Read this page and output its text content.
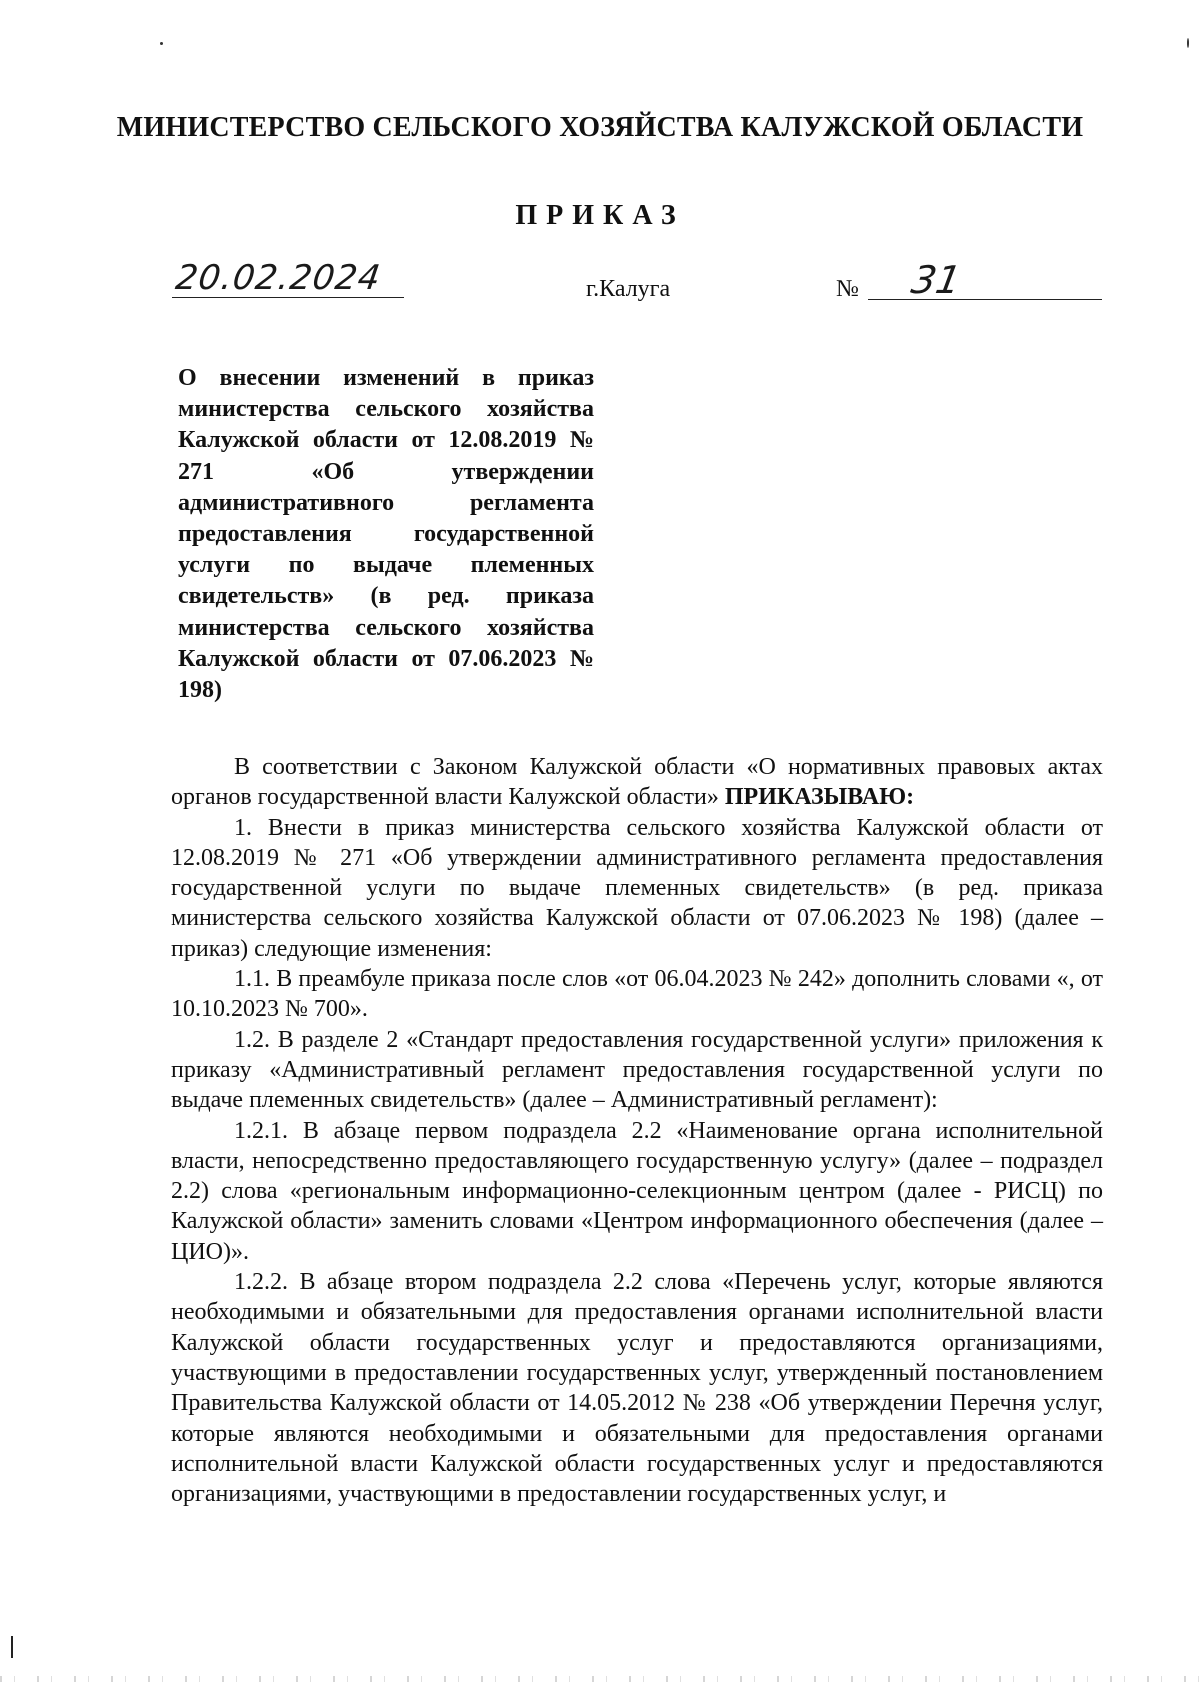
МИНИСТЕРСТВО СЕЛЬСКОГО ХОЗЯЙСТВА КАЛУЖСКОЙ ОБЛАСТИ
ПРИКАЗ
20.02.2024	г.Калуга	№ 31
О внесении изменений в приказ министерства сельского хозяйства Калужской области от 12.08.2019 № 271 «Об утверждении административного регламента предоставления государственной услуги по выдаче племенных свидетельств» (в ред. приказа министерства сельского хозяйства Калужской области от 07.06.2023 № 198)

В соответствии с Законом Калужской области «О нормативных правовых актах органов государственной власти Калужской области» ПРИКАЗЫВАЮ:

1. Внести в приказ министерства сельского хозяйства Калужской области от 12.08.2019 № 271 «Об утверждении административного регламента предоставления государственной услуги по выдаче племенных свидетельств» (в ред. приказа министерства сельского хозяйства Калужской области от 07.06.2023 № 198) (далее – приказ) следующие изменения:

1.1. В преамбуле приказа после слов «от 06.04.2023 № 242» дополнить словами «, от 10.10.2023 № 700».

1.2. В разделе 2 «Стандарт предоставления государственной услуги» приложения к приказу «Административный регламент предоставления государственной услуги по выдаче племенных свидетельств» (далее – Административный регламент):

1.2.1. В абзаце первом подраздела 2.2 «Наименование органа исполнительной власти, непосредственно предоставляющего государственную услугу» (далее – подраздел 2.2) слова «региональным информационно-селекционным центром (далее - РИСЦ) по Калужской области» заменить словами «Центром информационного обеспечения (далее – ЦИО)».

1.2.2. В абзаце втором подраздела 2.2 слова «Перечень услуг, которые являются необходимыми и обязательными для предоставления органами исполнительной власти Калужской области государственных услуг и предоставляются организациями, участвующими в предоставлении государственных услуг, утвержденный постановлением Правительства Калужской области от 14.05.2012 № 238 «Об утверждении Перечня услуг, которые являются необходимыми и обязательными для предоставления органами исполнительной власти Калужской области государственных услуг и предоставляются организациями, участвующими в предоставлении государственных услуг, и
